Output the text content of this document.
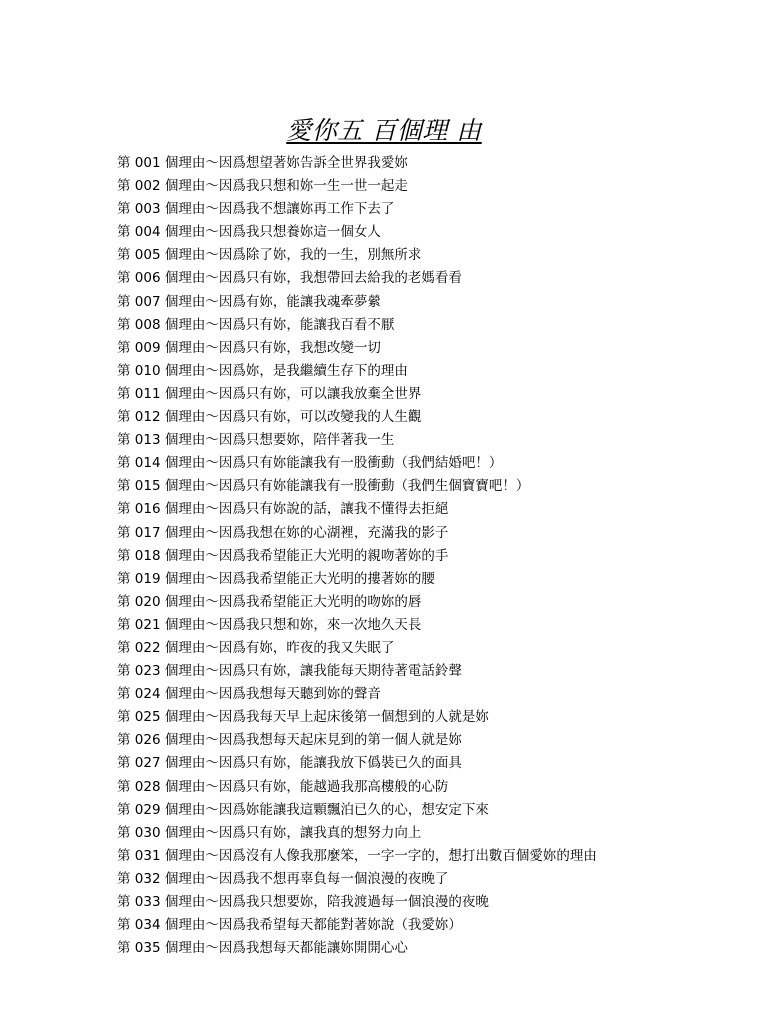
愛你五 百個理 由
第 001 個理由～因爲想望著妳告訴全世界我愛妳
第 002 個理由～因爲我只想和妳一生一世一起走
第 003 個理由～因爲我不想讓妳再工作下去了
第 004 個理由～因爲我只想養妳這一個女人
第 005 個理由～因爲除了妳，我的一生，別無所求
第 006 個理由～因爲只有妳，我想帶回去給我的老媽看看
第 007 個理由～因爲有妳，能讓我魂牽夢縈
第 008 個理由～因爲只有妳，能讓我百看不厭
第 009 個理由～因爲只有妳，我想改變一切
第 010 個理由～因爲妳，是我繼續生存下的理由
第 011 個理由～因爲只有妳，可以讓我放棄全世界
第 012 個理由～因爲只有妳，可以改變我的人生觀
第 013 個理由～因爲只想要妳，陪伴著我一生
第 014 個理由～因爲只有妳能讓我有一股衝動（我們結婚吧！）
第 015 個理由～因爲只有妳能讓我有一股衝動（我們生個寶寶吧！）
第 016 個理由～因爲只有妳說的話，讓我不懂得去拒絕
第 017 個理由～因爲我想在妳的心湖裡，充滿我的影子
第 018 個理由～因爲我希望能正大光明的親吻著妳的手
第 019 個理由～因爲我希望能正大光明的摟著妳的腰
第 020 個理由～因爲我希望能正大光明的吻妳的唇
第 021 個理由～因爲我只想和妳，來一次地久天長
第 022 個理由～因爲有妳，昨夜的我又失眠了
第 023 個理由～因爲只有妳，讓我能每天期待著電話鈴聲
第 024 個理由～因爲我想每天聽到妳的聲音
第 025 個理由～因爲我每天早上起床後第一個想到的人就是妳
第 026 個理由～因爲我想每天起床見到的第一個人就是妳
第 027 個理由～因爲只有妳，能讓我放下僞裝已久的面具
第 028 個理由～因爲只有妳，能越過我那高樓般的心防
第 029 個理由～因爲妳能讓我這顆飄泊已久的心，想安定下來
第 030 個理由～因爲只有妳，讓我真的想努力向上
第 031 個理由～因爲沒有人像我那麼笨，一字一字的，想打出數百個愛妳的理由
第 032 個理由～因爲我不想再辜負每一個浪漫的夜晚了
第 033 個理由～因爲我只想要妳，陪我渡過每一個浪漫的夜晚
第 034 個理由～因爲我希望每天都能對著妳說（我愛妳）
第 035 個理由～因爲我想每天都能讓妳開開心心
